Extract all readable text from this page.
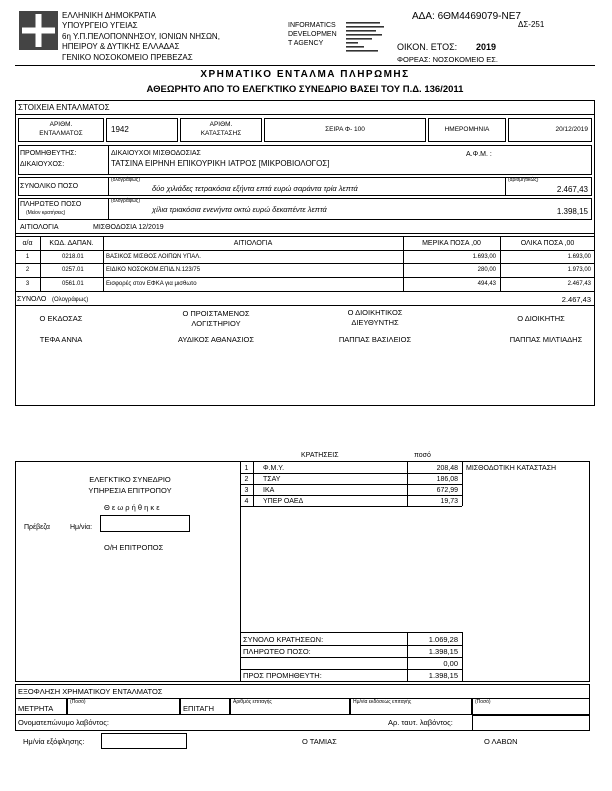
ΕΛΛΗΝΙΚΗ ΔΗΜΟΚΡΑΤΙΑ
ΥΠΟΥΡΓΕΙΟ ΥΓΕΙΑΣ
6η Υ.Π.ΠΕΛΟΠΟΝΝΗΣΟΥ, ΙΟΝΙΩΝ ΝΗΣΩΝ,
ΗΠΕΙΡΟΥ & ΔΥΤΙΚΗΣ ΕΛΛΑΔΑΣ
ΓΕΝΙΚΟ ΝΟΣΟΚΟΜΕΙΟ ΠΡΕΒΕΖΑΣ
INFORMATICS
DEVELOPMEN
T AGENCY
ΑΔΑ: 6ΘΜ4469079-ΝΕ7
ΔΣ-251
ΟΙΚΟΝ. ΕΤΟΣ: 2019
ΦΟΡΕΑΣ: ΝΟΣΟΚΟΜΕΙΟ ΕΣ.
ΧΡΗΜΑΤΙΚΟ ΕΝΤΑΛΜΑ ΠΛΗΡΩΜΗΣ
ΑΘΕΩΡΗΤΟ ΑΠΟ ΤΟ ΕΛΕΓΚΤΙΚΟ ΣΥΝΕΔΡΙΟ ΒΑΣΕΙ ΤΟΥ Π.Δ. 136/2011
ΣΤΟΙΧΕΙΑ ΕΝΤΑΛΜΑΤΟΣ
ΑΡΙΘΜ.
ΕΝΤΑΛΜΑΤΟΣ	1942
ΑΡΙΘΜ.
ΚΑΤΑΣΤΑΣΗΣ
ΣΕΙΡΑ Φ- 100	ΗΜΕΡΟΜΗΝΙΑ	20/12/2019
ΠΡΟΜΗΘΕΥΤΗΣ:
ΔΙΚΑΙΟΥΧΟΣ:
ΔΙΚΑΙΟΥΧΟΙ ΜΙΣΘΟΔΟΣΙΑΣ
ΤΑΤΣΙΝΑ ΕΙΡΗΝΗ ΕΠΙΚΟΥΡΙΚΗ ΙΑΤΡΟΣ [ΜΙΚΡΟΒΙΟΛΟΓΟΣ]
Α.Φ.Μ. :
ΣΥΝΟΛΙΚΟ ΠΟΣΟ
(ολογράφως)
δύο χιλιάδες τετρακόσια εξήντα επτά ευρώ σαράντα τρία λεπτά
(αριθμητικώς)
2.467,43
ΠΛΗΡΩΤΕΟ ΠΟΣΟ
(Μείον κρατήσεις)
(ολογράφως)
χίλια τριακόσια ενενήντα οκτώ ευρώ δεκαπέντε λεπτά	1.398,15
ΑΙΤΙΟΛΟΓΙΑ	ΜΙΣΘΟΔΟΣΙΑ 12/2019
α/α	ΚΩΔ. ΔΑΠΑΝ.	ΑΙΤΙΟΛΟΓΙΑ	ΜΕΡΙΚΑ ΠΟΣΑ ,00	ΟΛΙΚΑ ΠΟΣΑ ,00
1	0218.01	ΒΑΣΙΚΟΣ ΜΙΣΘΟΣ ΛΟΙΠΩΝ ΥΠΑΛ.	1.693,00	1.693,00
2	0257.01	ΕΙΔΙΚΟ ΝΟΣΟΚΟΜ.ΕΠΙΔ.Ν.123/75	280,00	1.973,00
3	0561.01	Εισφορές στον ΕΦΚΑ για μισθωτο	494,43	2.467,43
ΣΥΝΟΛΟ (Ολογράφως)	2.467,43
Ο ΕΚΔΟΣΑΣ
ΤΕΦΑ ΑΝΝΑ
Ο ΠΡΟΙΣΤΑΜΕΝΟΣ
ΛΟΓΙΣΤΗΡΙΟΥ
ΑΥΔΙΚΟΣ ΑΘΑΝΑΣΙΟΣ
Ο ΔΙΟΙΚΗΤΙΚΟΣ
ΔΙΕΥΘΥΝΤΗΣ
ΠΑΠΠΑΣ ΒΑΣΙΛΕΙΟΣ
Ο ΔΙΟΙΚΗΤΗΣ
ΠΑΠΠΑΣ ΜΙΛΤΙΑΔΗΣ
ΚΡΑΤΗΣΕΙΣ	ποσό
ΕΛΕΓΚΤΙΚΟ ΣΥΝΕΔΡΙΟ
ΥΠΗΡΕΣΙΑ ΕΠΙΤΡΟΠΟΥ
Θ ε ω ρ ή θ η κ ε
Πρέβεζα	Ημ/νία:
Ο/Η ΕΠΙΤΡΟΠΟΣ
1	Φ.Μ.Υ.	208,48 ΜΙΣΘΟΔΟΤΙΚΗ ΚΑΤΑΣΤΑΣΗ
2	ΤΣΑΥ	186,08
3	ΙΚΑ	672,99
4	ΥΠΕΡ ΟΑΕΔ	19,73
ΣΥΝΟΛΟ ΚΡΑΤΗΣΕΩΝ:	1.069,28
ΠΛΗΡΩΤΕΟ ΠΟΣΟ:	1.398,15
0,00
ΠΡΟΣ ΠΡΟΜΗΘΕΥΤΗ:	1.398,15
ΕΞΟΦΛΗΣΗ ΧΡΗΜΑΤΙΚΟΥ ΕΝΤΑΛΜΑΤΟΣ
ΜΕΤΡΗΤΑ
(Ποσό)
ΕΠΙΤΑΓΗ
Αριθμός επιταγής	Ημ/νία εκδόσεως επιταγής	(Ποσό)
Ονοματεπώνυμο λαβόντος:	Αρ. ταυτ. λαβόντος:
Ημ/νία εξόφλησης:	Ο ΤΑΜΙΑΣ	Ο ΛΑΒΩΝ
